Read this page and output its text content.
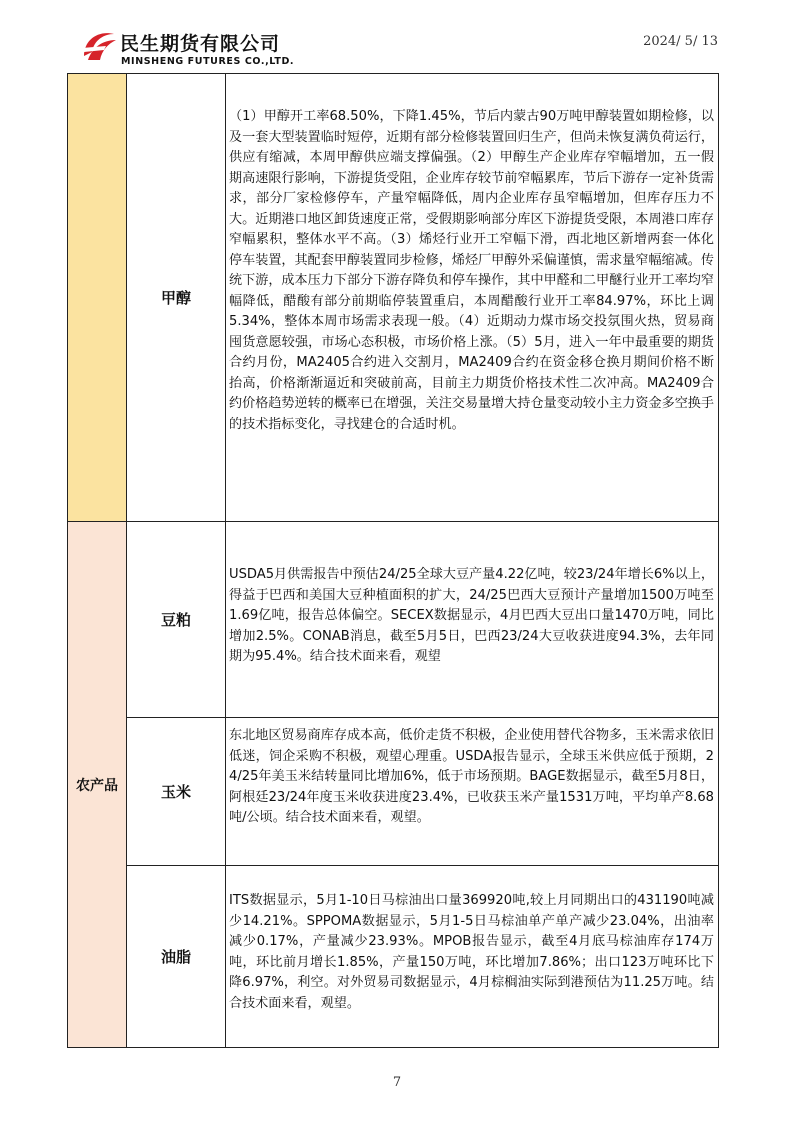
民生期货有限公司
MINSHENG FUTURES CO.,LTD.
2024/ 5/ 13
	甲醇	（1）甲醇开工率68.50%，下降1.45%，节后内蒙古90万吨甲醇装置如期检修，以及一套大型装置临时短停，近期有部分检修装置回归生产，但尚未恢复满负荷运行，供应有缩减，本周甲醇供应端支撑偏强。（2）甲醇生产企业库存窄幅增加，五一假期高速限行影响，下游提货受阻，企业库存较节前窄幅累库，节后下游存一定补货需求，部分厂家检修停车，产量窄幅降低，周内企业库存虽窄幅增加，但库存压力不大。近期港口地区卸货速度正常，受假期影响部分库区下游提货受限，本周港口库存窄幅累积，整体水平不高。（3）烯烃行业开工窄幅下滑，西北地区新增两套一体化停车装置，其配套甲醇装置同步检修，烯烃厂甲醇外采偏谨慎，需求量窄幅缩减。传统下游，成本压力下部分下游存降负和停车操作，其中甲醛和二甲醚行业开工率均窄幅降低，醋酸有部分前期临停装置重启，本周醋酸行业开工率84.97%，环比上调 5.34%，整体本周市场需求表现一般。（4）近期动力煤市场交投氛围火热，贸易商囤货意愿较强，市场心态积极，市场价格上涨。（5）5月，进入一年中最重要的期货合约月份，MA2405合约进入交割月，MA2409合约在资金移仓换月期间价格不断抬高，价格渐渐逼近和突破前高，目前主力期货价格技术性二次冲高。MA2409合约价格趋势逆转的概率已在增强，关注交易量增大持仓量变动较小主力资金多空换手的技术指标变化，寻找建仓的合适时机。

农产品	豆粕	USDA5月供需报告中预估24/25全球大豆产量4.22亿吨，较23/24年增长6%以上，得益于巴西和美国大豆种植面积的扩大，24/25巴西大豆预计产量增加1500万吨至1.69亿吨，报告总体偏空。SECEX数据显示，4月巴西大豆出口量1470万吨，同比增加2.5%。CONAB消息，截至5月5日，巴西23/24大豆收获进度94.3%，去年同期为95.4%。结合技术面来看，观望

	玉米	东北地区贸易商库存成本高，低价走货不积极，企业使用替代谷物多，玉米需求依旧低迷，饲企采购不积极，观望心理重。USDA报告显示，全球玉米供应低于预期，24/25年美玉米结转量同比增加6%，低于市场预期。BAGE数据显示，截至5月8日，阿根廷23/24年度玉米收获进度23.4%，已收获玉米产量1531万吨，平均单产8.68吨/公顷。结合技术面来看，观望。

	油脂	ITS数据显示，5月1-10日马棕油出口量369920吨,较上月同期出口的431190吨减少14.21%。SPPOMA数据显示，5月1-5日马棕油单产单产减少23.04%，出油率减少0.17%，产量减少23.93%。MPOB报告显示，截至4月底马棕油库存174万吨，环比前月增长1.85%，产量150万吨，环比增加7.86%；出口123万吨环比下降6.97%，利空。对外贸易司数据显示，4月棕榈油实际到港预估为11.25万吨。结合技术面来看，观望。
7
